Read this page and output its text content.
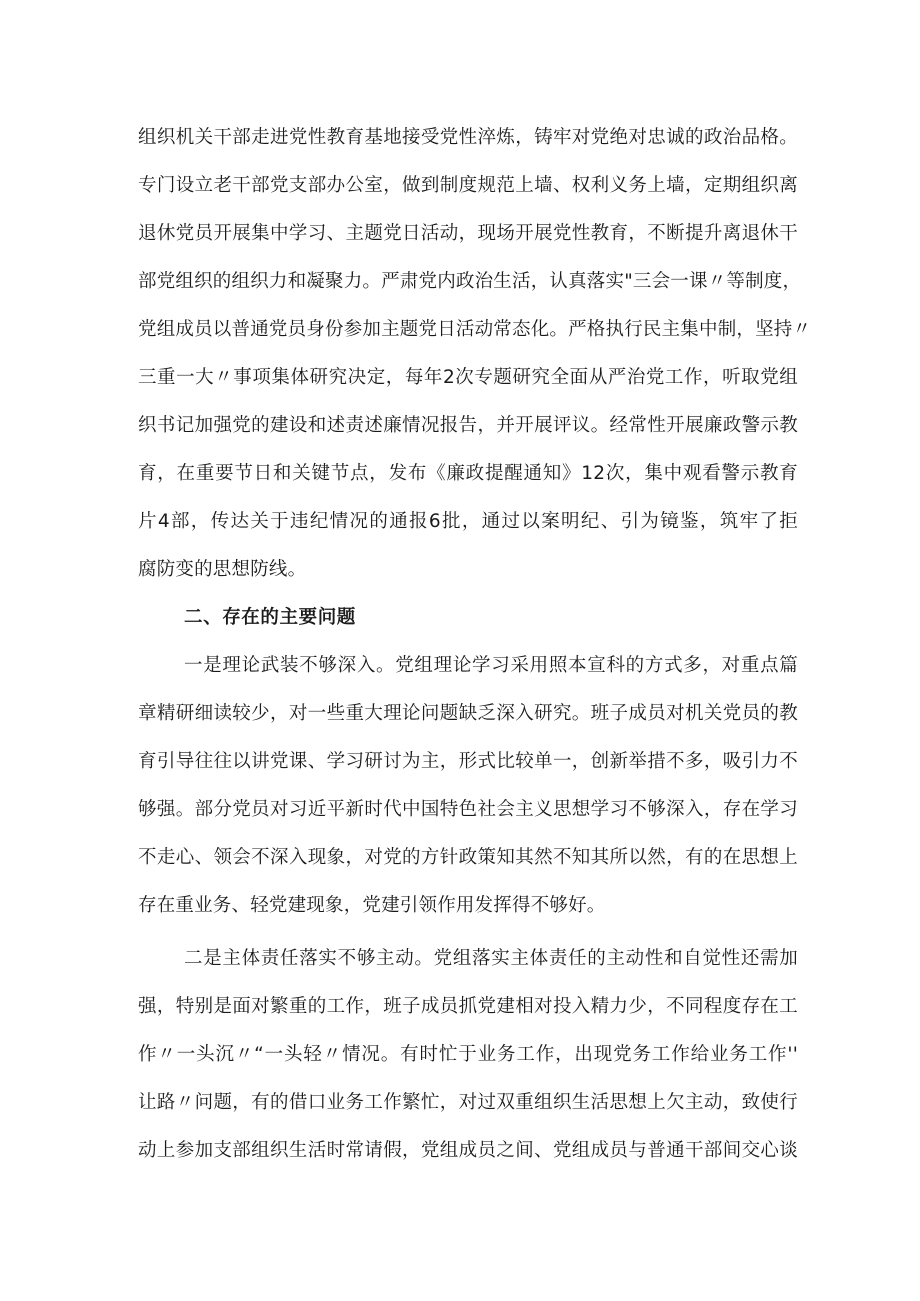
组织机关干部走进党性教育基地接受党性淬炼，铸牢对党绝对忠诚的政治品格。
专门设立老干部党支部办公室，做到制度规范上墙、权利义务上墙，定期组织离
退休党员开展集中学习、主题党日活动，现场开展党性教育，不断提升离退休干
部党组织的组织力和凝聚力。严肃党内政治生活，认真落实"三会一课〃等制度，
党组成员以普通党员身份参加主题党日活动常态化。严格执行民主集中制，坚持〃
三重一大〃事项集体研究决定，每年2次专题研究全面从严治党工作，听取党组
织书记加强党的建设和述责述廉情况报告，并开展评议。经常性开展廉政警示教
育，在重要节日和关键节点，发布《廉政提醒通知》12次，集中观看警示教育
片4部，传达关于违纪情况的通报6批，通过以案明纪、引为镜鉴，筑牢了拒
腐防变的思想防线。
二、存在的主要问题
一是理论武装不够深入。党组理论学习采用照本宣科的方式多，对重点篇
章精研细读较少，对一些重大理论问题缺乏深入研究。班子成员对机关党员的教
育引导往往以讲党课、学习研讨为主，形式比较单一，创新举措不多，吸引力不
够强。部分党员对习近平新时代中国特色社会主义思想学习不够深入，存在学习
不走心、领会不深入现象，对党的方针政策知其然不知其所以然，有的在思想上
存在重业务、轻党建现象，党建引领作用发挥得不够好。
二是主体责任落实不够主动。党组落实主体责任的主动性和自觉性还需加
强，特别是面对繁重的工作，班子成员抓党建相对投入精力少，不同程度存在工
作〃一头沉〃“一头轻〃情况。有时忙于业务工作，出现党务工作给业务工作''
让路〃问题，有的借口业务工作繁忙，对过双重组织生活思想上欠主动，致使行
动上参加支部组织生活时常请假，党组成员之间、党组成员与普通干部间交心谈
